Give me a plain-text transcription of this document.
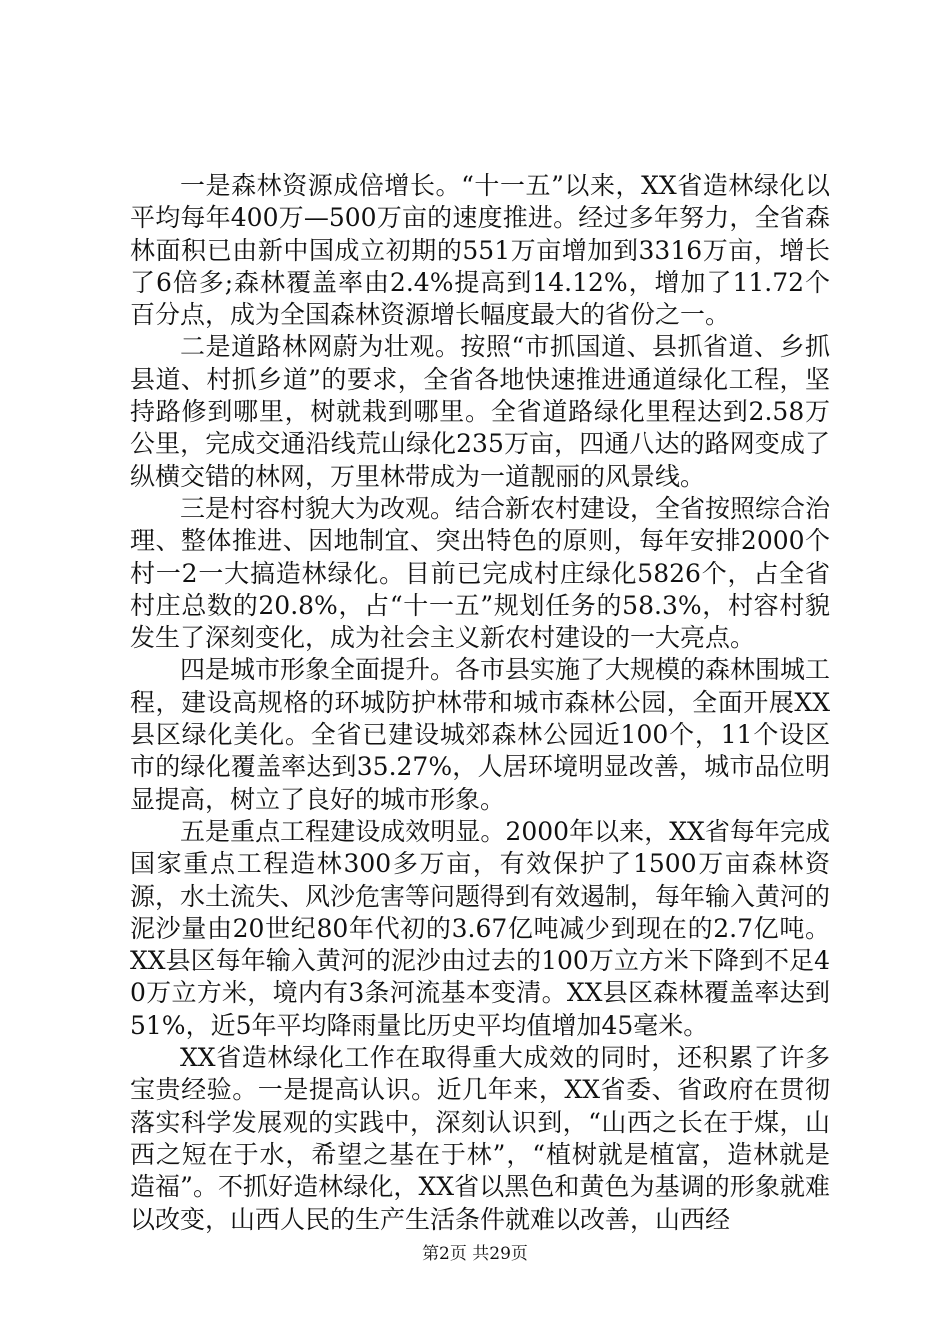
一是森林资源成倍增长。“十一五”以来，XX省造林绿化以平均每年400万—500万亩的速度推进。经过多年努力，全省森林面积已由新中国成立初期的551万亩增加到3316万亩，增长了6倍多;森林覆盖率由2.4%提高到14.12%，增加了11.72个百分点，成为全国森林资源增长幅度最大的省份之一。

二是道路林网蔚为壮观。按照“市抓国道、县抓省道、乡抓县道、村抓乡道”的要求，全省各地快速推进通道绿化工程，坚持路修到哪里，树就栽到哪里。全省道路绿化里程达到2.58万公里，完成交通沿线荒山绿化235万亩，四通八达的路网变成了纵横交错的林网，万里林带成为一道靓丽的风景线。

三是村容村貌大为改观。结合新农村建设，全省按照综合治理、整体推进、因地制宜、突出特色的原则，每年安排2000个村一2一大搞造林绿化。目前已完成村庄绿化5826个，占全省村庄总数的20.8%，占“十一五”规划任务的58.3%，村容村貌发生了深刻变化，成为社会主义新农村建设的一大亮点。

四是城市形象全面提升。各市县实施了大规模的森林围城工程，建设高规格的环城防护林带和城市森林公园，全面开展XX县区绿化美化。全省已建设城郊森林公园近100个，11个设区市的绿化覆盖率达到35.27%，人居环境明显改善，城市品位明显提高，树立了良好的城市形象。

五是重点工程建设成效明显。2000年以来，XX省每年完成国家重点工程造林300多万亩，有效保护了1500万亩森林资源，水土流失、风沙危害等问题得到有效遏制，每年输入黄河的泥沙量由20世纪80年代初的3.67亿吨减少到现在的2.7亿吨。XX县区每年输入黄河的泥沙由过去的100万立方米下降到不足40万立方米，境内有3条河流基本变清。XX县区森林覆盖率达到51%，近5年平均降雨量比历史平均值增加45毫米。

XX省造林绿化工作在取得重大成效的同时，还积累了许多宝贵经验。一是提高认识。近几年来，XX省委、省政府在贯彻落实科学发展观的实践中，深刻认识到，“山西之长在于煤，山西之短在于水，希望之基在于林”，“植树就是植富，造林就是造福”。不抓好造林绿化，XX省以黑色和黄色为基调的形象就难以改变，山西人民的生产生活条件就难以改善，山西经

第2页 共29页
